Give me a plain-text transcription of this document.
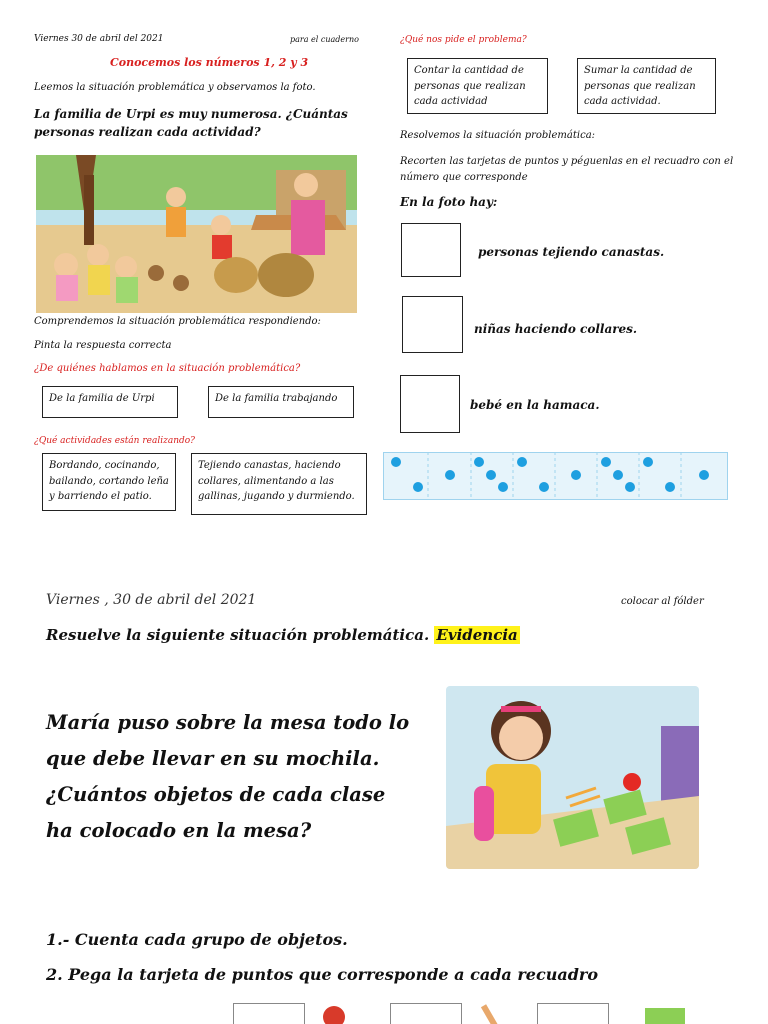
Viernes 30 de abril del 2021	para el cuaderno
Conocemos los números 1, 2 y 3
Leemos la situación problemática y observamos la foto.
La familia de Urpi es muy numerosa. ¿Cuántas personas realizan cada actividad?
Comprendemos la situación problemática respondiendo:
Pinta la respuesta correcta
¿De quiénes hablamos en la situación problemática?
De la familia de Urpi	De la familia trabajando
¿Qué actividades están realizando?
Bordando, cocinando, bailando, cortando leña y barriendo el patio.
Tejiendo canastas, haciendo collares, alimentando a las gallinas, jugando y durmiendo.
¿Qué nos pide el problema?
Contar la cantidad de personas que realizan cada actividad
Sumar la cantidad de personas que realizan cada actividad.
Resolvemos la situación problemática:
Recorten las tarjetas de puntos y péguenlas en el recuadro con el número que corresponde
En la foto hay:
personas tejiendo canastas.
niñas haciendo collares.
bebé en la hamaca.
Viernes , 30 de abril del 2021	colocar al fólder
Resuelve la siguiente situación problemática. Evidencia
María puso sobre la mesa todo lo que debe llevar en su mochila. ¿Cuántos objetos de cada clase ha colocado en la mesa?
1.- Cuenta cada grupo de objetos.
2. Pega la tarjeta de puntos que corresponde a cada recuadro
